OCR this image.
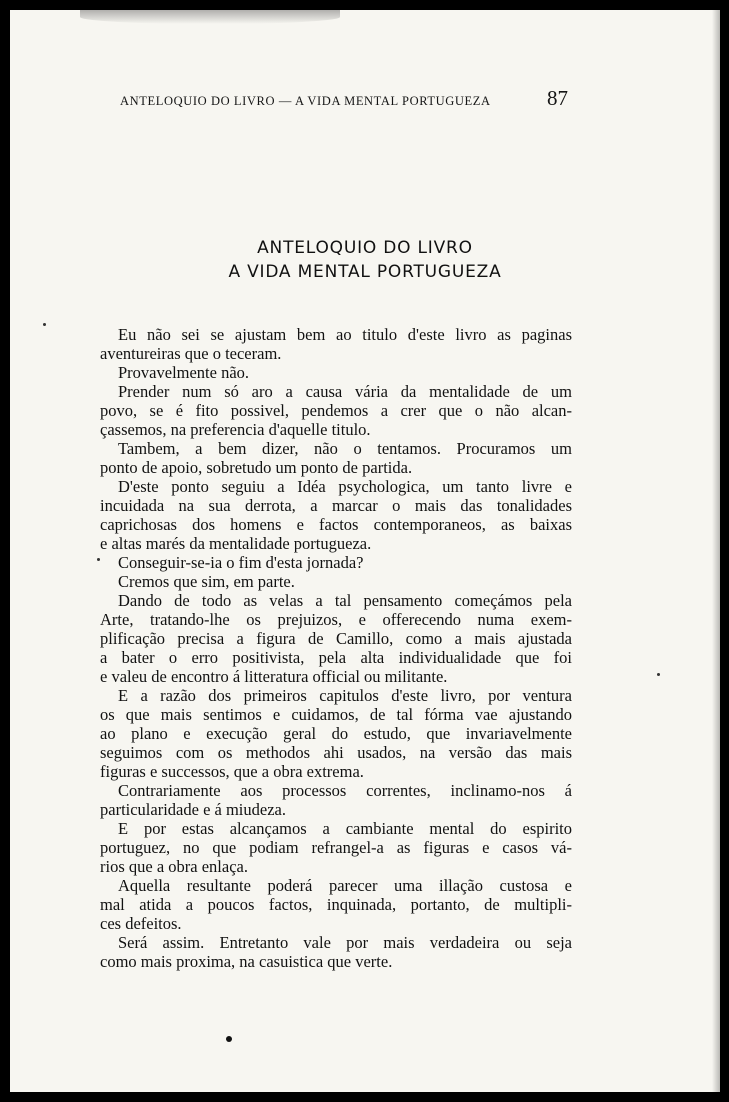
ANTELOQUIO DO LIVRO — A VIDA MENTAL PORTUGUEZA	87
ANTELOQUIO DO LIVRO
A VIDA MENTAL PORTUGUEZA
Eu não sei se ajustam bem ao titulo d'este livro as paginas
aventureiras que o teceram.
Provavelmente não.
Prender num só aro a causa vária da mentalidade de um
povo, se é fito possivel, pendemos a crer que o não alcan-
çassemos, na preferencia d'aquelle titulo.
Tambem, a bem dizer, não o tentamos. Procuramos um
ponto de apoio, sobretudo um ponto de partida.
D'este ponto seguiu a Idéa psychologica, um tanto livre e
incuidada na sua derrota, a marcar o mais das tonalidades
caprichosas dos homens e factos contemporaneos, as baixas
e altas marés da mentalidade portugueza.
Conseguir-se-ia o fim d'esta jornada?
Cremos que sim, em parte.
Dando de todo as velas a tal pensamento começámos pela
Arte, tratando-lhe os prejuizos, e offerecendo numa exem-
plificação precisa a figura de Camillo, como a mais ajustada
a bater o erro positivista, pela alta individualidade que foi
e valeu de encontro á litteratura official ou militante.
E a razão dos primeiros capitulos d'este livro, por ventura
os que mais sentimos e cuidamos, de tal fórma vae ajustando
ao plano e execução geral do estudo, que invariavelmente
seguimos com os methodos ahi usados, na versão das mais
figuras e successos, que a obra extrema.
Contrariamente aos processos correntes, inclinamo-nos á
particularidade e á miudeza.
E por estas alcançamos a cambiante mental do espirito
portuguez, no que podiam refrangel-a as figuras e casos vá-
rios que a obra enlaça.
Aquella resultante poderá parecer uma illação custosa e
mal atida a poucos factos, inquinada, portanto, de multipli-
ces defeitos.
Será assim. Entretanto vale por mais verdadeira ou seja
como mais proxima, na casuistica que verte.
